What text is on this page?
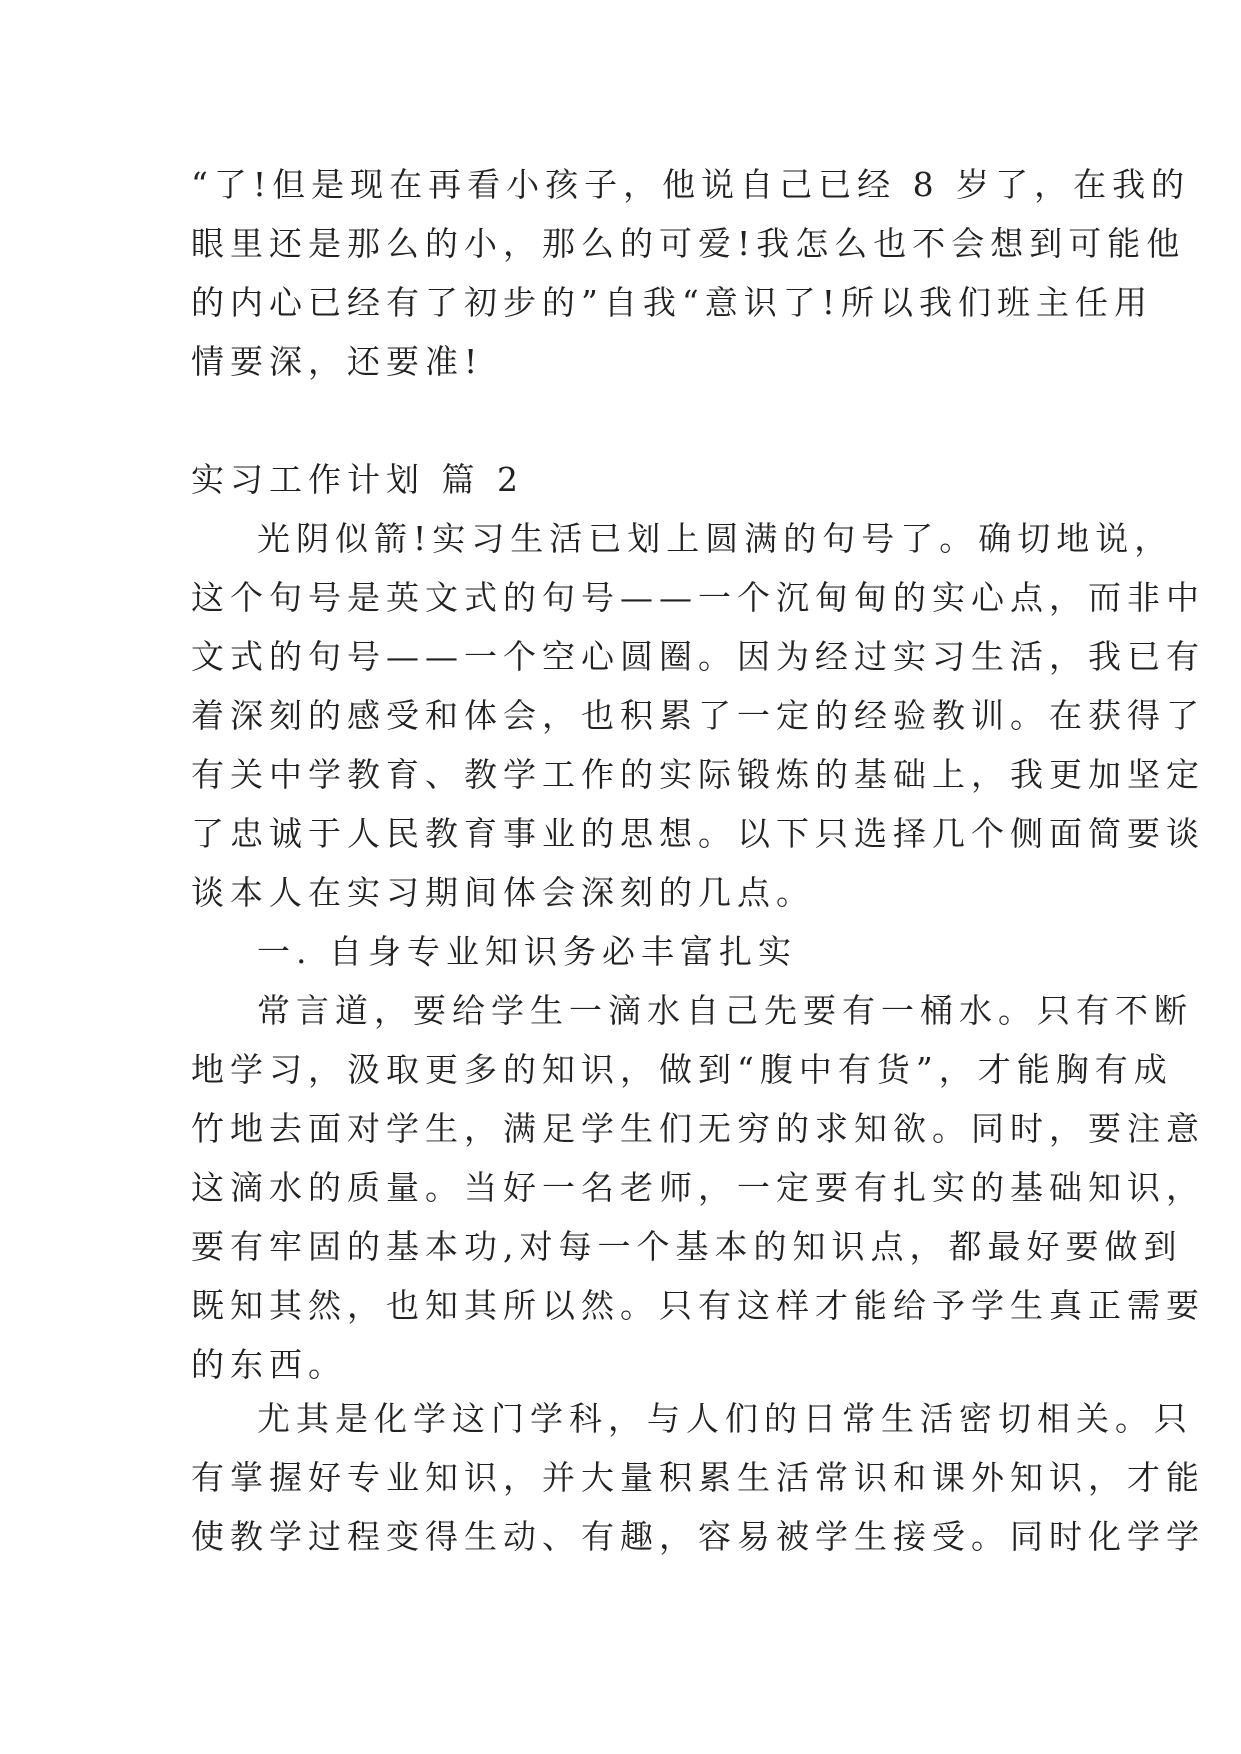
“了!但是现在再看小孩子，他说自己已经 8 岁了，在我的
眼里还是那么的小，那么的可爱!我怎么也不会想到可能他
的内心已经有了初步的”自我“意识了!所以我们班主任用
情要深，还要准!
实习工作计划 篇 2
光阴似箭!实习生活已划上圆满的句号了。确切地说，
这个句号是英文式的句号——一个沉甸甸的实心点，而非中
文式的句号——一个空心圆圈。因为经过实习生活，我已有
着深刻的感受和体会，也积累了一定的经验教训。在获得了
有关中学教育、教学工作的实际锻炼的基础上，我更加坚定
了忠诚于人民教育事业的思想。以下只选择几个侧面简要谈
谈本人在实习期间体会深刻的几点。
一. 自身专业知识务必丰富扎实
常言道，要给学生一滴水自己先要有一桶水。只有不断
地学习，汲取更多的知识，做到“腹中有货”，才能胸有成
竹地去面对学生，满足学生们无穷的求知欲。同时，要注意
这滴水的质量。当好一名老师，一定要有扎实的基础知识，
要有牢固的基本功,对每一个基本的知识点，都最好要做到
既知其然，也知其所以然。只有这样才能给予学生真正需要
的东西。
尤其是化学这门学科，与人们的日常生活密切相关。只
有掌握好专业知识，并大量积累生活常识和课外知识，才能
使教学过程变得生动、有趣，容易被学生接受。同时化学学
